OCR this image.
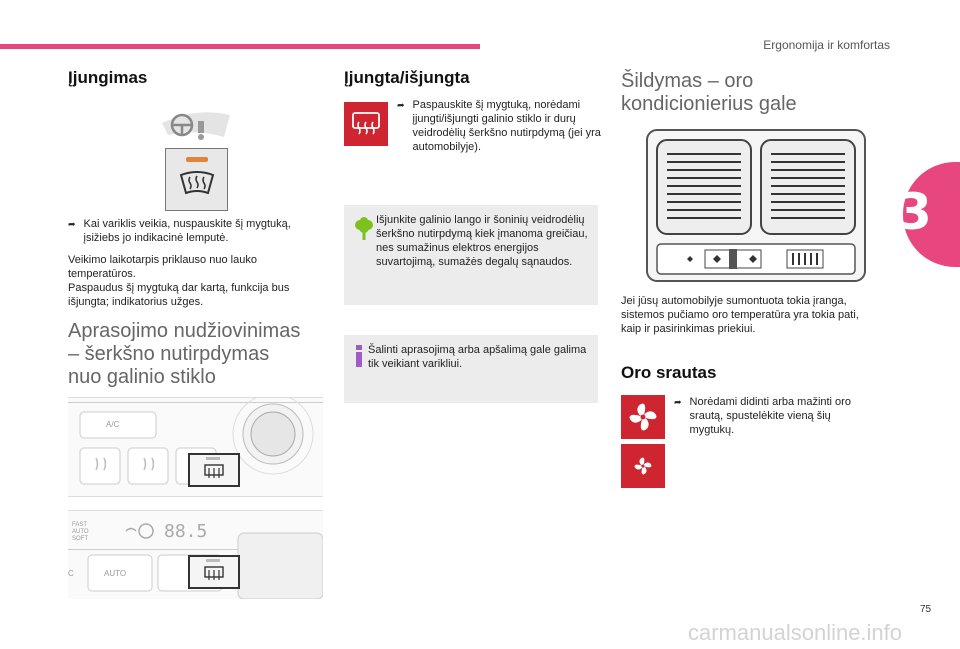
Ergonomija ir komfortas
3
Įjungimas
➦ Kai variklis veikia, nuspauskite šį mygtuką, įsižiebs jo indikacinė lemputė.
Veikimo laikotarpis priklauso nuo lauko temperatūros.
Paspaudus šį mygtuką dar kartą, funkcija bus išjungta; indikatorius užges.
Aprasojimo nudžiovinimas
– šerkšno nutirpdymas
nuo galinio stiklo
A/C
FAST
AUTO
SOFT	88.5
C	AUTO
Įjungta/išjungta
➦ Paspauskite šį mygtuką, norėdami įjungti/išjungti galinio stiklo ir durų veidrodėlių šerkšno nutirpdymą (jei yra automobilyje).
Išjunkite galinio lango ir šoninių veidrodėlių šerkšno nutirpdymą kiek įmanoma greičiau, nes sumažinus elektros energijos suvartojimą, sumažės degalų sąnaudos.
Šalinti aprasojimą arba apšalimą gale galima tik veikiant varikliui.
Šildymas – oro
kondicionierius gale
Jei jūsų automobilyje sumontuota tokia įranga, sistemos pučiamo oro temperatūra yra tokia pati, kaip ir pasirinkimas priekiui.
Oro srautas
➦ Norėdami didinti arba mažinti oro srautą, spustelėkite vieną šių mygtukų.
75
carmanualsonline.info
